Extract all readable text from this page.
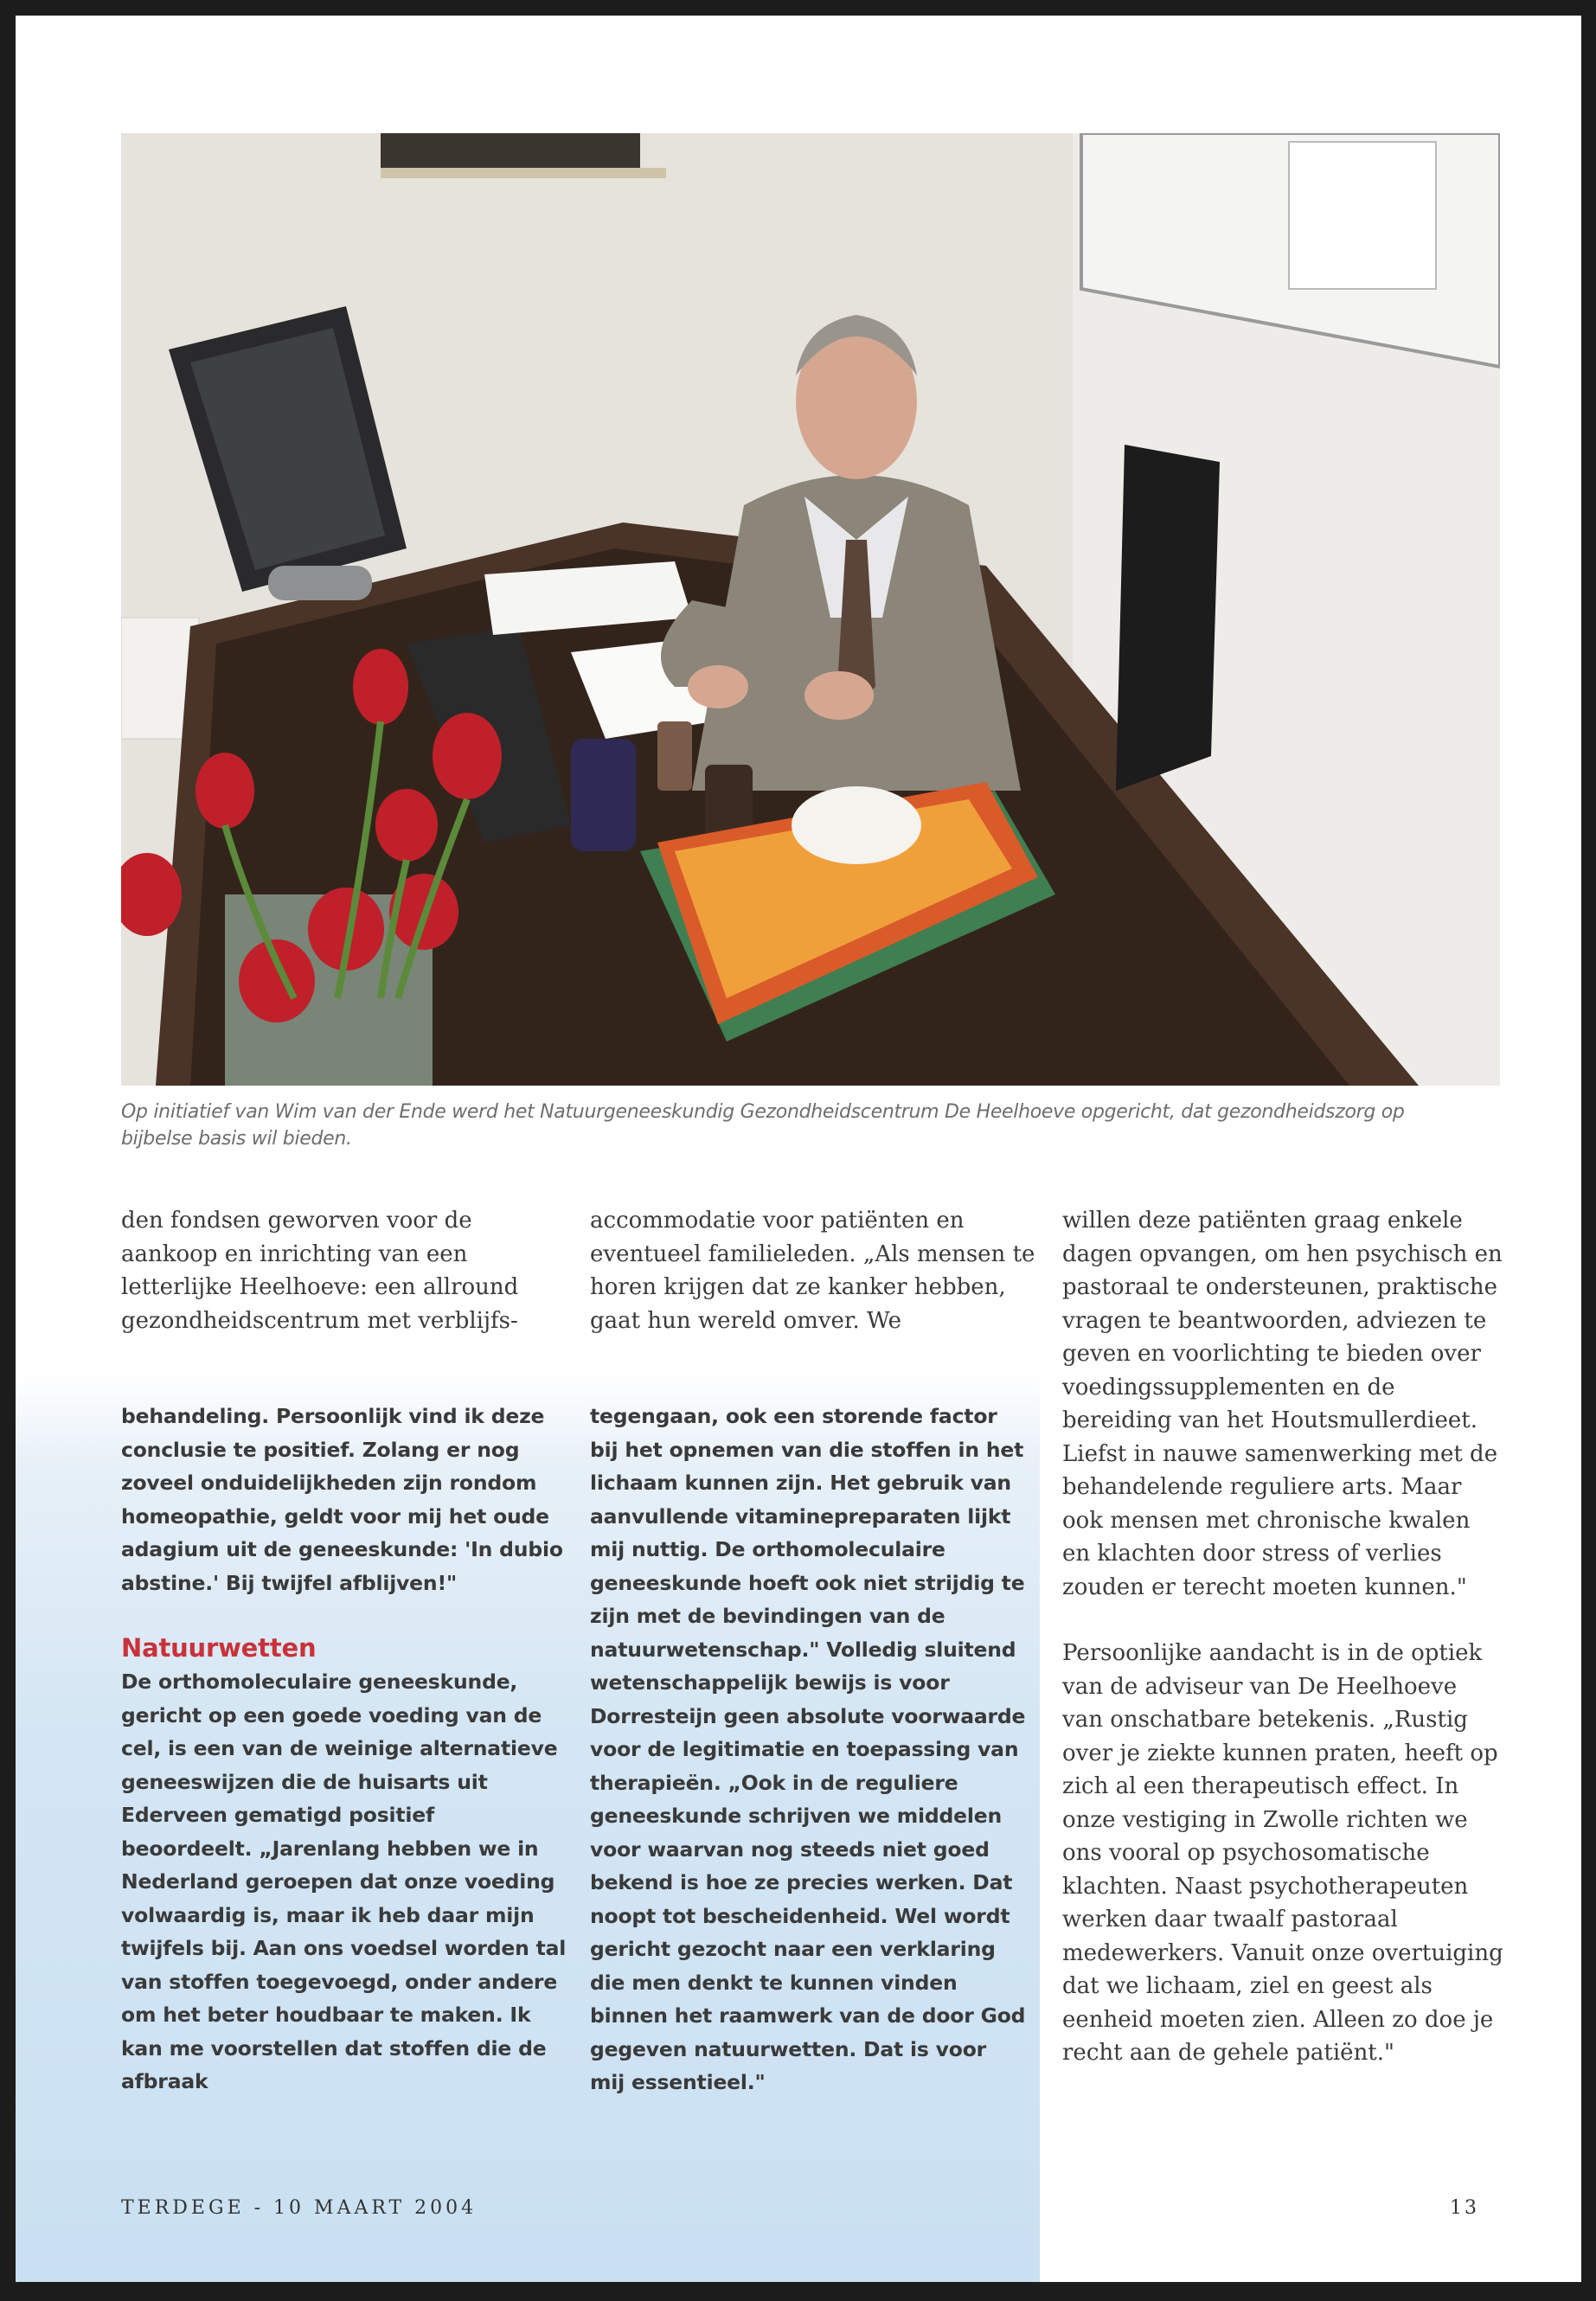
Op initiatief van Wim van der Ende werd het Natuurgeneeskundig Gezondheidscentrum De Heelhoeve opgericht, dat gezondheidszorg op bijbelse basis wil bieden.

den fondsen geworven voor de aankoop en inrichting van een letterlijke Heelhoeve: een allround gezondheidscentrum met verblijfs-

behandeling. Persoonlijk vind ik deze conclusie te positief. Zolang er nog zoveel onduidelijkheden zijn rondom homeopathie, geldt voor mij het oude adagium uit de geneeskunde: 'In dubio abstine.' Bij twijfel afblijven!"

Natuurwetten

De orthomoleculaire geneeskunde, gericht op een goede voeding van de cel, is een van de weinige alternatieve geneeswijzen die de huisarts uit Ederveen gematigd positief beoordeelt. „Jarenlang hebben we in Nederland geroepen dat onze voeding volwaardig is, maar ik heb daar mijn twijfels bij. Aan ons voedsel worden tal van stoffen toegevoegd, onder andere om het beter houdbaar te maken. Ik kan me voorstellen dat stoffen die de afbraak

accommodatie voor patiënten en eventueel familieleden. „Als mensen te horen krijgen dat ze kanker hebben, gaat hun wereld omver. We

tegengaan, ook een storende factor bij het opnemen van die stoffen in het lichaam kunnen zijn. Het gebruik van aanvullende vitaminepreparaten lijkt mij nuttig. De orthomoleculaire geneeskunde hoeft ook niet strijdig te zijn met de bevindingen van de natuurwetenschap." Volledig sluitend wetenschappelijk bewijs is voor Dorresteijn geen absolute voorwaarde voor de legitimatie en toepassing van therapieën. „Ook in de reguliere geneeskunde schrijven we middelen voor waarvan nog steeds niet goed bekend is hoe ze precies werken. Dat noopt tot bescheidenheid. Wel wordt gericht gezocht naar een verklaring die men denkt te kunnen vinden binnen het raamwerk van de door God gegeven natuurwetten. Dat is voor mij essentieel."

willen deze patiënten graag enkele dagen opvangen, om hen psychisch en pastoraal te ondersteunen, praktische vragen te beantwoorden, adviezen te geven en voorlichting te bieden over voedingssupplementen en de bereiding van het Houtsmullerdieet. Liefst in nauwe samenwerking met de behandelende reguliere arts. Maar ook mensen met chronische kwalen en klachten door stress of verlies zouden er terecht moeten kunnen."

Persoonlijke aandacht is in de optiek van de adviseur van De Heelhoeve van onschatbare betekenis. „Rustig over je ziekte kunnen praten, heeft op zich al een therapeutisch effect. In onze vestiging in Zwolle richten we ons vooral op psychosomatische klachten. Naast psychotherapeuten werken daar twaalf pastoraal medewerkers. Vanuit onze overtuiging dat we lichaam, ziel en geest als eenheid moeten zien. Alleen zo doe je recht aan de gehele patiënt."

TERDEGE - 10 MAART 2004	13
